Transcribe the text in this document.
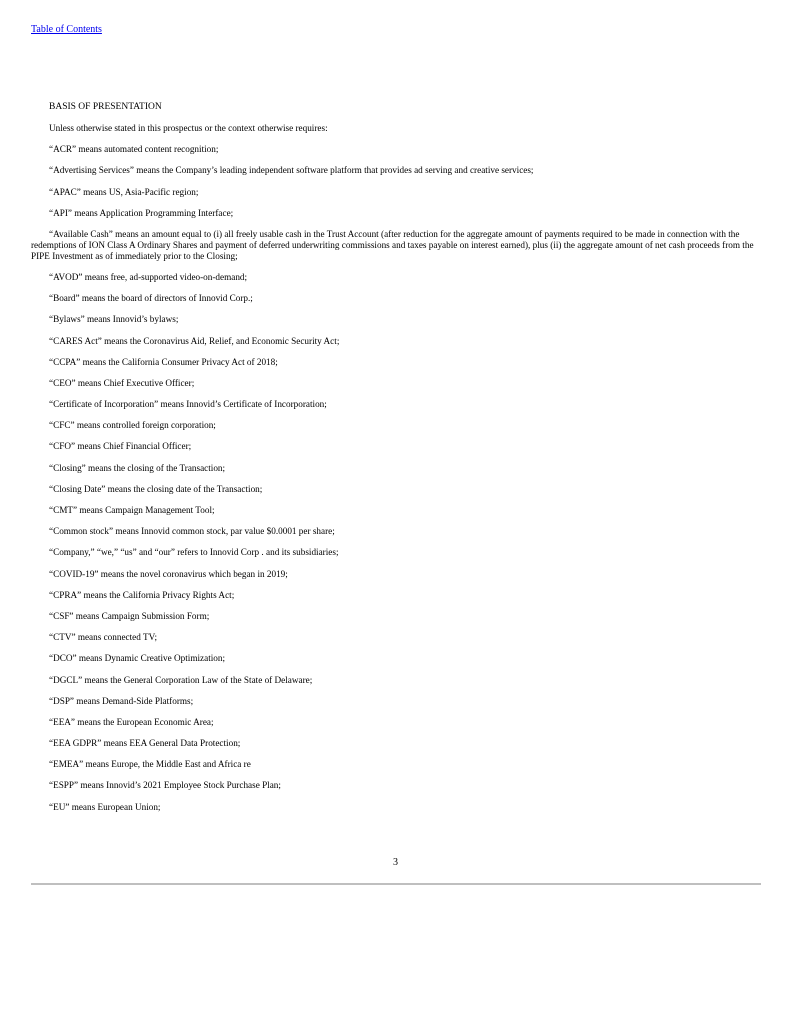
Table of Contents
BASIS OF PRESENTATION

Unless otherwise stated in this prospectus or the context otherwise requires:

“ACR” means automated content recognition;

“Advertising Services” means the Company’s leading independent software platform that provides ad serving and creative services;

“APAC” means US, Asia-Pacific region;

“API” means Application Programming Interface;

“Available Cash” means an amount equal to (i) all freely usable cash in the Trust Account (after reduction for the aggregate amount of payments required to be made in connection with the redemptions of ION Class A Ordinary Shares and payment of deferred underwriting commissions and taxes payable on interest earned), plus (ii) the aggregate amount of net cash proceeds from the PIPE Investment as of immediately prior to the Closing;

“AVOD” means free, ad-supported video-on-demand;

“Board” means the board of directors of Innovid Corp.;

“Bylaws” means Innovid’s bylaws;

“CARES Act” means the Coronavirus Aid, Relief, and Economic Security Act;

“CCPA” means the California Consumer Privacy Act of 2018;

“CEO” means Chief Executive Officer;

“Certificate of Incorporation” means Innovid’s Certificate of Incorporation;

“CFC” means controlled foreign corporation;

“CFO” means Chief Financial Officer;

“Closing” means the closing of the Transaction;

“Closing Date” means the closing date of the Transaction;

“CMT” means Campaign Management Tool;

“Common stock” means Innovid common stock, par value $0.0001 per share;

“Company,” “we,” “us” and “our” refers to Innovid Corp . and its subsidiaries;

“COVID-19” means the novel coronavirus which began in 2019;

“CPRA” means the California Privacy Rights Act;

“CSF” means Campaign Submission Form;

“CTV” means connected TV;

“DCO” means Dynamic Creative Optimization;

“DGCL” means the General Corporation Law of the State of Delaware;

“DSP” means Demand-Side Platforms;

“EEA” means the European Economic Area;

“EEA GDPR” means EEA General Data Protection;

“EMEA” means Europe, the Middle East and Africa re

“ESPP” means Innovid’s 2021 Employee Stock Purchase Plan;

“EU” means European Union;

3
